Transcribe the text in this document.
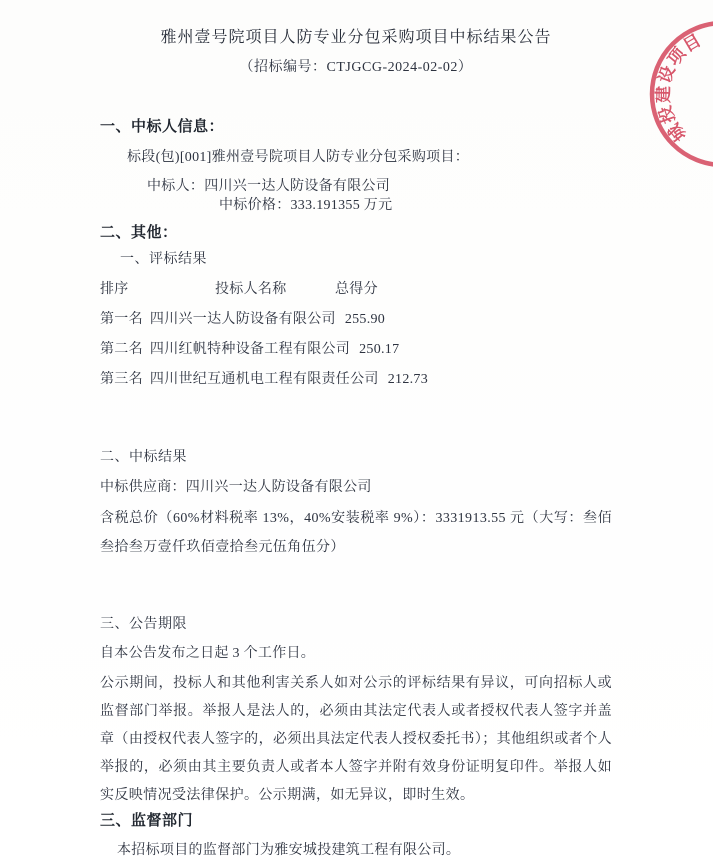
雅州壹号院项目人防专业分包采购项目中标结果公告
（招标编号：CTJGCG-2024-02-02）
一、中标人信息：
标段(包)[001]雅州壹号院项目人防专业分包采购项目：
中标人：四川兴一达人防设备有限公司中标价格：333.191355 万元
二、其他：
一、评标结果
排序	投标人名称	总得分
第一名 四川兴一达人防设备有限公司 255.90
第二名 四川红帆特种设备工程有限公司 250.17
第三名 四川世纪互通机电工程有限责任公司 212.73
二、中标结果
中标供应商：四川兴一达人防设备有限公司
含税总价（60%材料税率 13%，40%安装税率 9%）：3331913.55 元（大写：叁佰叁拾叁万壹仟玖佰壹拾叁元伍角伍分）
三、公告期限
自本公告发布之日起 3 个工作日。
公示期间，投标人和其他利害关系人如对公示的评标结果有异议，可向招标人或监督部门举报。举报人是法人的，必须由其法定代表人或者授权代表人签字并盖章（由授权代表人签字的，必须出具法定代表人授权委托书）；其他组织或者个人举报的，必须由其主要负责人或者本人签字并附有效身份证明复印件。举报人如实反映情况受法律保护。公示期满，如无异议，即时生效。
三、监督部门
本招标项目的监督部门为雅安城投建筑工程有限公司。
城投建设项目
